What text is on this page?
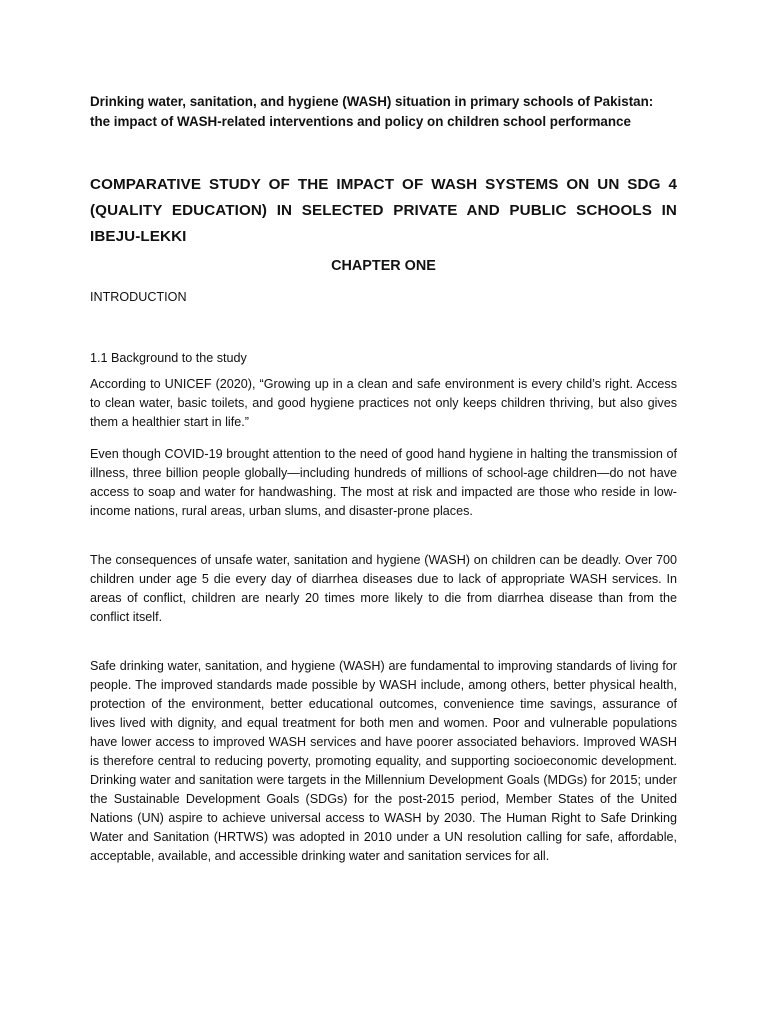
Drinking water, sanitation, and hygiene (WASH) situation in primary schools of Pakistan: the impact of WASH-related interventions and policy on children school performance

COMPARATIVE STUDY OF THE IMPACT OF WASH SYSTEMS ON UN SDG 4 (QUALITY EDUCATION) IN SELECTED PRIVATE AND PUBLIC SCHOOLS IN IBEJU-LEKKI

CHAPTER ONE

INTRODUCTION

1.1 Background to the study

According to UNICEF (2020), “Growing up in a clean and safe environment is every child’s right. Access to clean water, basic toilets, and good hygiene practices not only keeps children thriving, but also gives them a healthier start in life.”

Even though COVID-19 brought attention to the need of good hand hygiene in halting the transmission of illness, three billion people globally—including hundreds of millions of school-age children—do not have access to soap and water for handwashing. The most at risk and impacted are those who reside in low-income nations, rural areas, urban slums, and disaster-prone places.

The consequences of unsafe water, sanitation and hygiene (WASH) on children can be deadly. Over 700 children under age 5 die every day of diarrhea diseases due to lack of appropriate WASH services. In areas of conflict, children are nearly 20 times more likely to die from diarrhea disease than from the conflict itself.

Safe drinking water, sanitation, and hygiene (WASH) are fundamental to improving standards of living for people. The improved standards made possible by WASH include, among others, better physical health, protection of the environment, better educational outcomes, convenience time savings, assurance of lives lived with dignity, and equal treatment for both men and women. Poor and vulnerable populations have lower access to improved WASH services and have poorer associated behaviors. Improved WASH is therefore central to reducing poverty, promoting equality, and supporting socioeconomic development. Drinking water and sanitation were targets in the Millennium Development Goals (MDGs) for 2015; under the Sustainable Development Goals (SDGs) for the post-2015 period, Member States of the United Nations (UN) aspire to achieve universal access to WASH by 2030. The Human Right to Safe Drinking Water and Sanitation (HRTWS) was adopted in 2010 under a UN resolution calling for safe, affordable, acceptable, available, and accessible drinking water and sanitation services for all.
